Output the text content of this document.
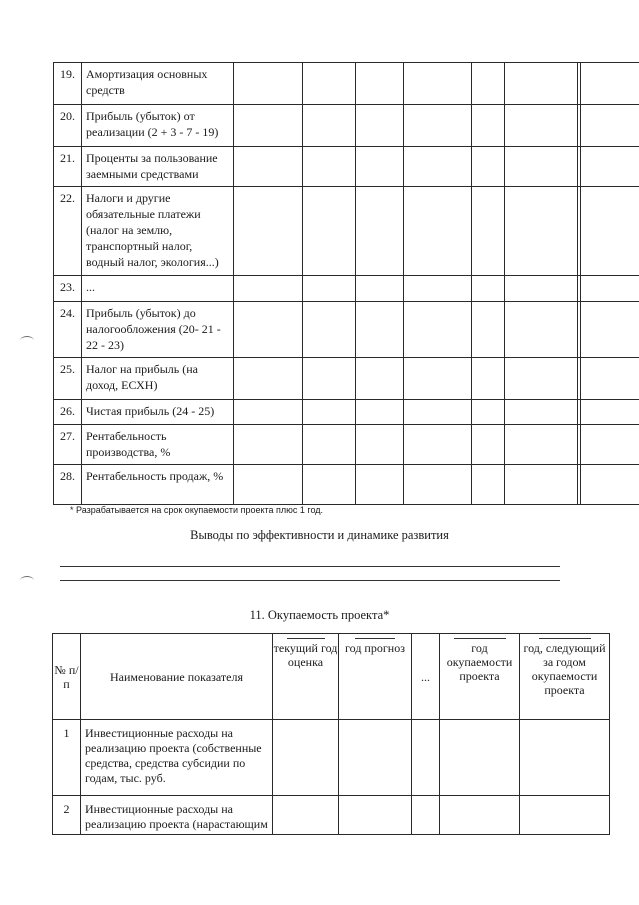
19.	Амортизация основных средств								
20.	Прибыль (убыток) от реализации (2 + 3 - 7 - 19)								
21.	Проценты за пользование заемными средствами								
22.	Налоги и другие обязательные платежи (налог на землю, транспортный налог, водный налог, экология...)								
23.	...								
24.	Прибыль (убыток) до налогообложения (20- 21 - 22 - 23)								
25.	Налог на прибыль (на доход, ЕСХН)								
26.	Чистая прибыль (24 - 25)								
27.	Рентабельность производства, %								
28.	Рентабельность продаж, %								
* Разрабатывается на срок окупаемости проекта плюс 1 год.
Выводы по эффективности и динамике развития
11. Окупаемость проекта*
№ п/п	Наименование показателя	текущий год оценка	год прогноз	...	год окупаемости проекта	год, следующий за годом окупаемости проекта
1	Инвестиционные расходы на реализацию проекта (собственные средства, средства субсидии по годам, тыс. руб.					
2	Инвестиционные расходы на реализацию проекта (нарастающим					
